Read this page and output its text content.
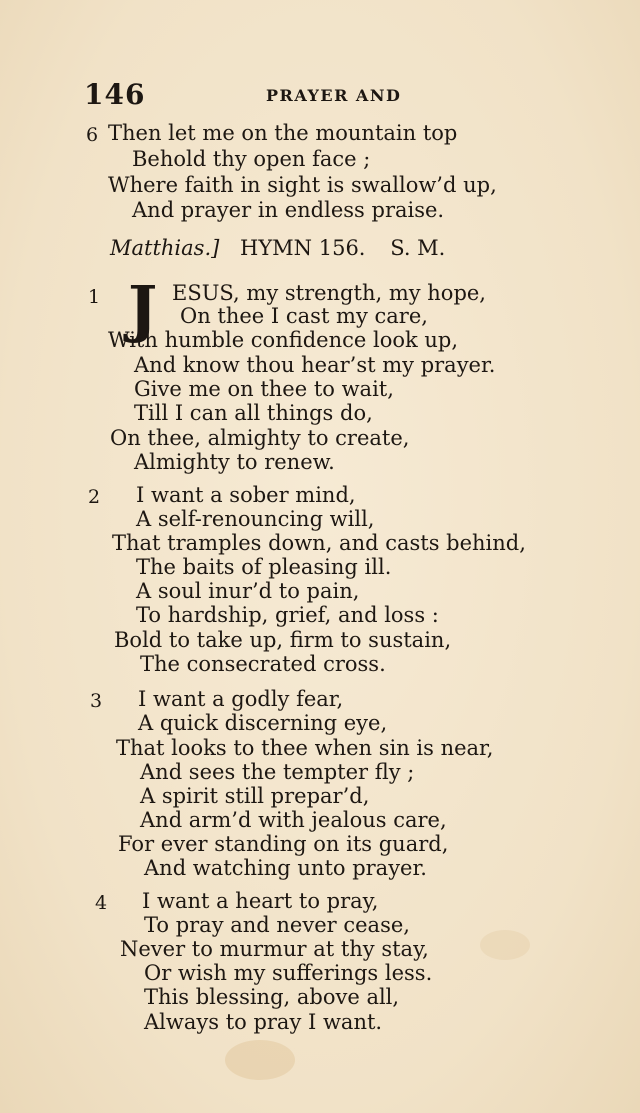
146	PRAYER AND
6 Then let me on the mountain top
Behold thy open face ;
Where faith in sight is swallow’d up,
And prayer in endless praise.
Matthias.] HYMN 156. S. M.
1 J ESUS, my strength, my hope,
On thee I cast my care,
With humble confidence look up,
And know thou hear’st my prayer.
Give me on thee to wait,
Till I can all things do,
On thee, almighty to create,
Almighty to renew.
2 I want a sober mind,
A self-renouncing will,
That tramples down, and casts behind,
The baits of pleasing ill.
A soul inur’d to pain,
To hardship, grief, and loss :
Bold to take up, firm to sustain,
The consecrated cross.
3 I want a godly fear,
A quick discerning eye,
That looks to thee when sin is near,
And sees the tempter fly ;
A spirit still prepar’d,
And arm’d with jealous care,
For ever standing on its guard,
And watching unto prayer.
4 I want a heart to pray,
To pray and never cease,
Never to murmur at thy stay,
Or wish my sufferings less.
This blessing, above all,
Always to pray I want.
